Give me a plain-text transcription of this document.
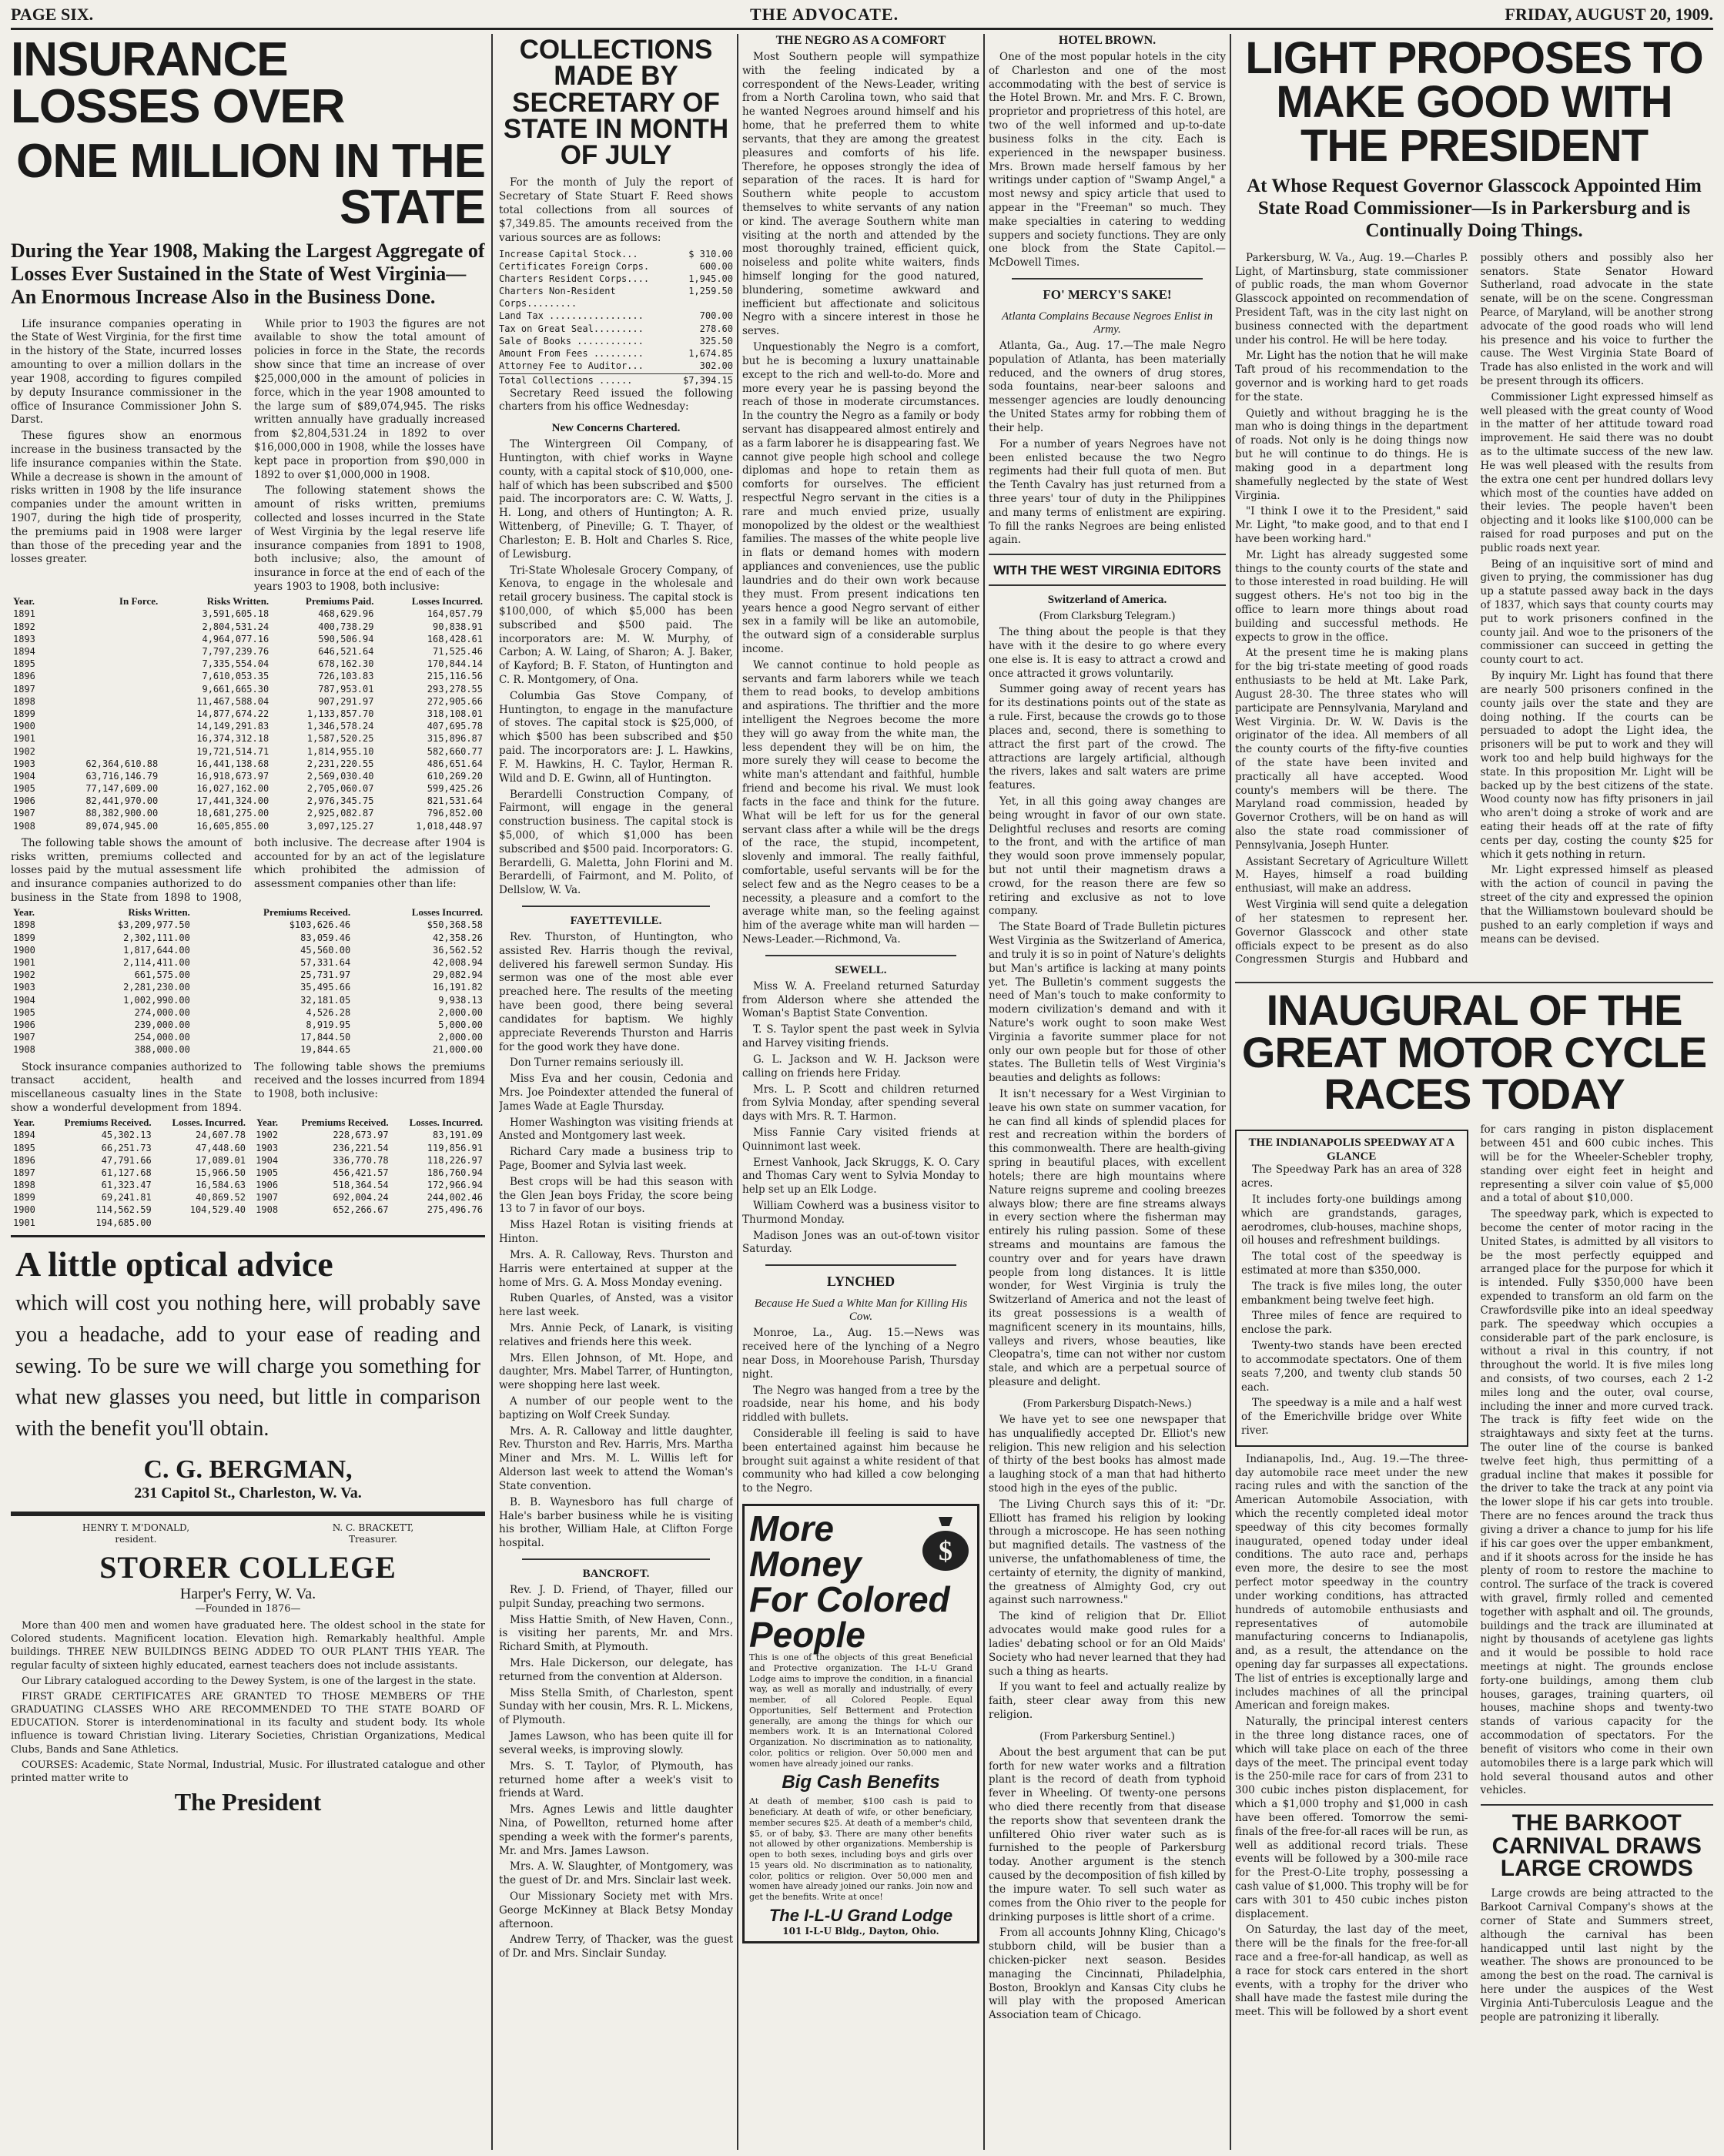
PAGE SIX.	THE ADVOCATE.	FRIDAY, AUGUST 20, 1909.
INSURANCE LOSSES OVER
ONE MILLION IN THE STATE
During the Year 1908, Making the Largest Aggregate of Losses Ever Sustained in the State of West Virginia—An Enormous Increase Also in the Business Done.

Life insurance companies operating in the State of West Virginia, for the first time in the history of the State, incurred losses amounting to over a million dollars in the year 1908, according to figures compiled by deputy Insurance commissioner in the office of Insurance Commissioner John S. Darst.

These figures show an enormous increase in the business transacted by the life insurance companies within the State. While a decrease is shown in the amount of risks written in 1908 by the life insurance companies under the amount written in 1907, during the high tide of prosperity, the premiums paid in 1908 were larger than those of the preceding year and the losses greater.

While prior to 1903 the figures are not available to show the total amount of policies in force in the State, the records show since that time an increase of over $25,000,000 in the amount of policies in force, which in the year 1908 amounted to the large sum of $89,074,945. The risks written annually have gradually increased from $2,804,531.24 in 1892 to over $16,000,000 in 1908, while the losses have kept pace in proportion from $90,000 in 1892 to over $1,000,000 in 1908.

The following statement shows the amount of risks written, premiums collected and losses incurred in the State of West Virginia by the legal reserve life insurance companies from 1891 to 1908, both inclusive; also, the amount of insurance in force at the end of each of the years 1903 to 1908, both inclusive:

Year.	In Force.	Risks Written.	Premiums Paid.	Losses Incurred.
1891		3,591,605.18	468,629.96	164,057.79
1892		2,804,531.24	400,738.29	90,838.91
1893		4,964,077.16	590,506.94	168,428.61
1894		7,797,239.76	646,521.64	71,525.46
1895		7,335,554.04	678,162.30	170,844.14
1896		7,610,053.35	726,103.83	215,116.56
1897		9,661,665.30	787,953.01	293,278.55
1898		11,467,588.04	907,291.97	272,905.66
1899		14,877,674.22	1,133,857.70	318,108.01
1900		14,149,291.83	1,346,578.24	407,695.78
1901		16,374,312.18	1,587,520.25	315,896.87
1902		19,721,514.71	1,814,955.10	582,660.77
1903	62,364,610.88	16,441,138.68	2,231,220.55	486,651.64
1904	63,716,146.79	16,918,673.97	2,569,030.40	610,269.20
1905	77,147,609.00	16,027,162.00	2,705,060.07	599,425.26
1906	82,441,970.00	17,441,324.00	2,976,345.75	821,531.64
1907	88,382,900.00	18,681,275.00	2,925,082.87	796,852.00
1908	89,074,945.00	16,605,855.00	3,097,125.27	1,018,448.97

The following table shows the amount of risks written, premiums collected and losses paid by the mutual assessment life and insurance companies authorized to do business in the State from 1898 to 1908, both inclusive. The decrease after 1904 is accounted for by an act of the legislature which prohibited the admission of assessment companies other than life:

Year.	Risks Written.	Premiums Received.	Losses Incurred.
1898	$3,209,977.50	$103,626.46	$50,368.58
1899	2,302,111.00	83,059.46	42,358.26
1900	1,817,644.00	45,560.00	36,562.52
1901	2,114,411.00	57,331.64	42,008.94
1902	661,575.00	25,731.97	29,082.94
1903	2,281,230.00	35,495.66	16,191.82
1904	1,002,990.00	32,181.05	9,938.13
1905	274,000.00	4,526.28	2,000.00
1906	239,000.00	8,919.95	5,000.00
1907	254,000.00	17,844.50	2,000.00
1908	388,000.00	19,844.65	21,000.00

Stock insurance companies authorized to transact accident, health and miscellaneous casualty lines in the State show a wonderful development from 1894. The following table shows the premiums received and the losses incurred from 1894 to 1908, both inclusive:

Year.	Premiums Received.	Losses. Incurred.	Year.	Premiums Received.	Losses. Incurred.
1894	45,302.13	24,607.78	1902	228,673.97	83,191.09
1895	66,251.73	47,448.60	1903	236,221.54	119,856.91
1896	47,791.66	17,089.01	1904	336,770.78	118,226.97
1897	61,127.68	15,966.50	1905	456,421.57	186,760.94
1898	61,323.47	16,584.63	1906	518,364.54	172,966.94
1899	69,241.81	40,869.52	1907	692,004.24	244,002.46
1900	114,562.59	104,529.40	1908	652,266.67	275,496.76
1901	194,685.00				
A little optical advice
which will cost you nothing here, will probably save you a headache, add to your ease of reading and sewing. To be sure we will charge you something for what new glasses you need, but little in comparison with the benefit you'll obtain.
C. G. BERGMAN,
231 Capitol St., Charleston, W. Va.
HENRY T. M'DONALD,
resident.
N. C. BRACKETT,
Treasurer.
STORER COLLEGE
Harper's Ferry, W. Va.
—Founded in 1876—

More than 400 men and women have graduated here. The oldest school in the state for Colored students. Magnificent location. Elevation high. Remarkably healthful. Ample buildings. THREE NEW BUILDINGS BEING ADDED TO OUR PLANT THIS YEAR. The regular faculty of sixteen highly educated, earnest teachers does not include assistants.

Our Library catalogued according to the Dewey System, is one of the largest in the state.

FIRST GRADE CERTIFICATES ARE GRANTED TO THOSE MEMBERS OF THE GRADUATING CLASSES WHO ARE RECOMMENDED TO THE STATE BOARD OF EDUCATION. Storer is interdenominational in its faculty and student body. Its whole influence is toward Christian living. Literary Societies, Christian Organizations, Medical Clubs, Bands and Sane Athletics.

COURSES: Academic, State Normal, Industrial, Music. For illustrated catalogue and other printed matter write to

The President
COLLECTIONS MADE BY SECRETARY OF STATE IN MONTH OF JULY

For the month of July the report of Secretary of State Stuart F. Reed shows total collections from all sources of $7,349.85. The amounts received from the various sources are as follows:

Increase Capital Stock...	$ 310.00
Certificates Foreign Corps.	600.00
Charters Resident Corps....	1,945.00
Charters Non-Resident Corps.........
1,259.50
Land Tax .................	700.00
Tax on Great Seal.........	278.60
Sale of Books ............	325.50
Amount From Fees .........	1,674.85
Attorney Fee to Auditor...	302.00
Total Collections ......	$7,394.15

Secretary Reed issued the following charters from his office Wednesday:

New Concerns Chartered.

The Wintergreen Oil Company, of Huntington, with chief works in Wayne county, with a capital stock of $10,000, one-half of which has been subscribed and $500 paid. The incorporators are: C. W. Watts, J. H. Long, and others of Huntington; A. R. Wittenberg, of Pineville; G. T. Thayer, of Charleston; E. B. Holt and Charles S. Rice, of Lewisburg.

Tri-State Wholesale Grocery Company, of Kenova, to engage in the wholesale and retail grocery business. The capital stock is $100,000, of which $5,000 has been subscribed and $500 paid. The incorporators are: M. W. Murphy, of Carbon; A. W. Laing, of Sharon; A. J. Baker, of Kayford; B. F. Staton, of Huntington and C. R. Montgomery, of Ona.

Columbia Gas Stove Company, of Huntington, to engage in the manufacture of stoves. The capital stock is $25,000, of which $500 has been subscribed and $50 paid. The incorporators are: J. L. Hawkins, F. M. Hawkins, H. C. Taylor, Herman R. Wild and D. E. Gwinn, all of Huntington.

Berardelli Construction Company, of Fairmont, will engage in the general construction business. The capital stock is $5,000, of which $1,000 has been subscribed and $500 paid. Incorporators: G. Berardelli, G. Maletta, John Florini and M. Berardelli, of Fairmont, and M. Polito, of Dellslow, W. Va.

FAYETTEVILLE.

Rev. Thurston, of Huntington, who assisted Rev. Harris though the revival, delivered his farewell sermon Sunday. His sermon was one of the most able ever preached here. The results of the meeting have been good, there being several candidates for baptism. We highly appreciate Reverends Thurston and Harris for the good work they have done.

Don Turner remains seriously ill.

Miss Eva and her cousin, Cedonia and Mrs. Joe Poindexter attended the funeral of James Wade at Eagle Thursday.

Homer Washington was visiting friends at Ansted and Montgomery last week.

Richard Cary made a business trip to Page, Boomer and Sylvia last week.

Best crops will be had this season with the Glen Jean boys Friday, the score being 13 to 7 in favor of our boys.

Miss Hazel Rotan is visiting friends at Hinton.

Mrs. A. R. Calloway, Revs. Thurston and Harris were entertained at supper at the home of Mrs. G. A. Moss Monday evening.

Ruben Quarles, of Ansted, was a visitor here last week.

Mrs. Annie Peck, of Lanark, is visiting relatives and friends here this week.

Mrs. Ellen Johnson, of Mt. Hope, and daughter, Mrs. Mabel Tarrer, of Huntington, were shopping here last week.

A number of our people went to the baptizing on Wolf Creek Sunday.

Mrs. A. R. Calloway and little daughter, Rev. Thurston and Rev. Harris, Mrs. Martha Miner and Mrs. M. L. Willis left for Alderson last week to attend the Woman's State convention.

B. B. Waynesboro has full charge of Hale's barber business while he is visiting his brother, William Hale, at Clifton Forge hospital.

BANCROFT.

Rev. J. D. Friend, of Thayer, filled our pulpit Sunday, preaching two sermons.

Miss Hattie Smith, of New Haven, Conn., is visiting her parents, Mr. and Mrs. Richard Smith, at Plymouth.

Mrs. Hale Dickerson, our delegate, has returned from the convention at Alderson.

Miss Stella Smith, of Charleston, spent Sunday with her cousin, Mrs. R. L. Mickens, of Plymouth.

James Lawson, who has been quite ill for several weeks, is improving slowly.

Mrs. S. T. Taylor, of Plymouth, has returned home after a week's visit to friends at Ward.

Mrs. Agnes Lewis and little daughter Nina, of Powellton, returned home after spending a week with the former's parents, Mr. and Mrs. James Lawson.

Mrs. A. W. Slaughter, of Montgomery, was the guest of Dr. and Mrs. Sinclair last week.

Our Missionary Society met with Mrs. George McKinney at Black Betsy Monday afternoon.

Andrew Terry, of Thacker, was the guest of Dr. and Mrs. Sinclair Sunday.

THE NEGRO AS A COMFORT

Most Southern people will sympathize with the feeling indicated by a correspondent of the News-Leader, writing from a North Carolina town, who said that he wanted Negroes around himself and his home, that he preferred them to white servants, that they are among the greatest pleasures and comforts of his life. Therefore, he opposes strongly the idea of separation of the races. It is hard for Southern white people to accustom themselves to white servants of any nation or kind. The average Southern white man visiting at the north and attended by the most thoroughly trained, efficient quick, noiseless and polite white waiters, finds himself longing for the good natured, blundering, sometime awkward and inefficient but affectionate and solicitous Negro with a sincere interest in those he serves.

Unquestionably the Negro is a comfort, but he is becoming a luxury unattainable except to the rich and well-to-do. More and more every year he is passing beyond the reach of those in moderate circumstances. In the country the Negro as a family or body servant has disappeared almost entirely and as a farm laborer he is disappearing fast. We cannot give people high school and college diplomas and hope to retain them as comforts for ourselves. The efficient respectful Negro servant in the cities is a rare and much envied prize, usually monopolized by the oldest or the wealthiest families. The masses of the white people live in flats or demand homes with modern appliances and conveniences, use the public laundries and do their own work because they must. From present indications ten years hence a good Negro servant of either sex in a family will be like an automobile, the outward sign of a considerable surplus income.

We cannot continue to hold people as servants and farm laborers while we teach them to read books, to develop ambitions and aspirations. The thriftier and the more intelligent the Negroes become the more they will go away from the white man, the less dependent they will be on him, the more surely they will cease to become the white man's attendant and faithful, humble friend and become his rival. We must look facts in the face and think for the future. What will be left for us for the general servant class after a while will be the dregs of the race, the stupid, incompetent, slovenly and immoral. The really faithful, comfortable, useful servants will be for the select few and as the Negro ceases to be a necessity, a pleasure and a comfort to the average white man, so the feeling against him of the average white man will harden —News-Leader.—Richmond, Va.

SEWELL.

Miss W. A. Freeland returned Saturday from Alderson where she attended the Woman's Baptist State Convention.

T. S. Taylor spent the past week in Sylvia and Harvey visiting friends.

G. L. Jackson and W. H. Jackson were calling on friends here Friday.

Mrs. L. P. Scott and children returned from Sylvia Monday, after spending several days with Mrs. R. T. Harmon.

Miss Fannie Cary visited friends at Quinnimont last week.

Ernest Vanhook, Jack Skruggs, K. O. Cary and Thomas Cary went to Sylvia Monday to help set up an Elk Lodge.

William Cowherd was a business visitor to Thurmond Monday.

Madison Jones was an out-of-town visitor Saturday.

LYNCHED
Because He Sued a White Man for Killing His Cow.

Monroe, La., Aug. 15.—News was received here of the lynching of a Negro near Doss, in Moorehouse Parish, Thursday night.

The Negro was hanged from a tree by the roadside, near his home, and his body riddled with bullets.

Considerable ill feeling is said to have been entertained against him because he brought suit against a white resident of that community who had killed a cow belonging to the Negro.

$
More Money For Colored People

This is one of the objects of this great Beneficial and Protective organization. The I-L-U Grand Lodge aims to improve the condition, in a financial way, as well as morally and industrially, of every member, of all Colored People. Equal Opportunities, Self Betterment and Protection generally, are among the things for which our members work. It is an International Colored Organization. No discrimination as to nationality, color, politics or religion. Over 50,000 men and women have already joined our ranks.

Big Cash Benefits

At death of member, $100 cash is paid to beneficiary. At death of wife, or other beneficiary, member secures $25. At death of a member's child, $5, or of baby, $3. There are many other benefits not allowed by other organizations. Membership is open to both sexes, including boys and girls over 15 years old. No discrimination as to nationality, color, politics or religion. Over 50,000 men and women have already joined our ranks. Join now and get the benefits. Write at once!

The I-L-U Grand Lodge
101 I-L-U Bldg., Dayton, Ohio.
HOTEL BROWN.

One of the most popular hotels in the city of Charleston and one of the most accommodating with the best of service is the Hotel Brown. Mr. and Mrs. F. C. Brown, proprietor and proprietress of this hotel, are two of the well informed and up-to-date business folks in the city. Each is experienced in the newspaper business. Mrs. Brown made herself famous by her writings under caption of "Swamp Angel," a most newsy and spicy article that used to appear in the "Freeman" so much. They make specialties in catering to wedding suppers and society functions. They are only one block from the State Capitol.—McDowell Times.

FO' MERCY'S SAKE!
Atlanta Complains Because Negroes Enlist in Army.

Atlanta, Ga., Aug. 17.—The male Negro population of Atlanta, has been materially reduced, and the owners of drug stores, soda fountains, near-beer saloons and messenger agencies are loudly denouncing the United States army for robbing them of their help.

For a number of years Negroes have not been enlisted because the two Negro regiments had their full quota of men. But the Tenth Cavalry has just returned from a three years' tour of duty in the Philippines and many terms of enlistment are expiring. To fill the ranks Negroes are being enlisted again.

WITH THE WEST VIRGINIA EDITORS
Switzerland of America.
(From Clarksburg Telegram.)

The thing about the people is that they have with it the desire to go where every one else is. It is easy to attract a crowd and once attracted it grows voluntarily.

Summer going away of recent years has for its destinations points out of the state as a rule. First, because the crowds go to those places and, second, there is something to attract the first part of the crowd. The attractions are largely artificial, although the rivers, lakes and salt waters are prime features.

Yet, in all this going away changes are being wrought in favor of our own state. Delightful recluses and resorts are coming to the front, and with the artifice of man they would soon prove immensely popular, but not until their magnetism draws a crowd, for the reason there are few so retiring and exclusive as not to love company.

The State Board of Trade Bulletin pictures West Virginia as the Switzerland of America, and truly it is so in point of Nature's delights but Man's artifice is lacking at many points yet. The Bulletin's comment suggests the need of Man's touch to make conformity to modern civilization's demand and with it Nature's work ought to soon make West Virginia a favorite summer place for not only our own people but for those of other states. The Bulletin tells of West Virginia's beauties and delights as follows:

It isn't necessary for a West Virginian to leave his own state on summer vacation, for he can find all kinds of splendid places for rest and recreation within the borders of this commonwealth. There are health-giving spring in beautiful places, with excellent hotels; there are high mountains where Nature reigns supreme and cooling breezes always blow; there are fine streams always in every section where the fisherman may entirely his ruling passion. Some of these streams and mountains are famous the country over and for years have drawn people from long distances. It is little wonder, for West Virginia is truly the Switzerland of America and not the least of its great possessions is a wealth of magnificent scenery in its mountains, hills, valleys and rivers, whose beauties, like Cleopatra's, time can not wither nor custom stale, and which are a perpetual source of pleasure and delight.

(From Parkersburg Dispatch-News.)

We have yet to see one newspaper that has unqualifiedly accepted Dr. Elliot's new religion. This new religion and his selection of thirty of the best books has almost made a laughing stock of a man that had hitherto stood high in the eyes of the public.

The Living Church says this of it: "Dr. Elliott has framed his religion by looking through a microscope. He has seen nothing but magnified details. The vastness of the universe, the unfathomableness of time, the certainty of eternity, the dignity of mankind, the greatness of Almighty God, cry out against such narrowness."

The kind of religion that Dr. Elliot advocates would make good rules for a ladies' debating school or for an Old Maids' Society who had never learned that they had such a thing as hearts.

If you want to feel and actually realize by faith, steer clear away from this new religion.

(From Parkersburg Sentinel.)

About the best argument that can be put forth for new water works and a filtration plant is the record of death from typhoid fever in Wheeling. Of twenty-one persons who died there recently from that disease the reports show that seventeen drank the unfiltered Ohio river water such as is furnished to the people of Parkersburg today. Another argument is the stench caused by the decomposition of fish killed by the impure water. To sell such water as comes from the Ohio river to the people for drinking purposes is little short of a crime.

From all accounts Johnny Kling, Chicago's stubborn child, will be busier than a chicken-picker next season. Besides managing the Cincinnati, Philadelphia, Boston, Brooklyn and Kansas City clubs he will play with the proposed American Association team of Chicago.

LIGHT PROPOSES TO MAKE GOOD WITH THE PRESIDENT
At Whose Request Governor Glasscock Appointed Him State Road Commissioner—Is in Parkersburg and is Continually Doing Things.

Parkersburg, W. Va., Aug. 19.—Charles P. Light, of Martinsburg, state commissioner of public roads, the man whom Governor Glasscock appointed on recommendation of President Taft, was in the city last night on business connected with the department under his control. He will be here today.

Mr. Light has the notion that he will make Taft proud of his recommendation to the governor and is working hard to get roads for the state.

Quietly and without bragging he is the man who is doing things in the department of roads. Not only is he doing things now but he will continue to do things. He is making good in a department long shamefully neglected by the state of West Virginia.

"I think I owe it to the President," said Mr. Light, "to make good, and to that end I have been working hard."

Mr. Light has already suggested some things to the county courts of the state and to those interested in road building. He will suggest others. He's not too big in the office to learn more things about road building and successful methods. He expects to grow in the office.

At the present time he is making plans for the big tri-state meeting of good roads enthusiasts to be held at Mt. Lake Park, August 28-30. The three states who will participate are Pennsylvania, Maryland and West Virginia. Dr. W. W. Davis is the originator of the idea. All members of all the county courts of the fifty-five counties of the state have been invited and practically all have accepted. Wood county's members will be there. The Maryland road commission, headed by Governor Crothers, will be on hand as will also the state road commissioner of Pennsylvania, Joseph Hunter.

Assistant Secretary of Agriculture Willett M. Hayes, himself a road building enthusiast, will make an address.

West Virginia will send quite a delegation of her statesmen to represent her. Governor Glasscock and other state officials expect to be present as do also Congressmen Sturgis and Hubbard and possibly others and possibly also her senators. State Senator Howard Sutherland, road advocate in the state senate, will be on the scene. Congressman Pearce, of Maryland, will be another strong advocate of the good roads who will lend his presence and his voice to further the cause. The West Virginia State Board of Trade has also enlisted in the work and will be present through its officers.

Commissioner Light expressed himself as well pleased with the great county of Wood in the matter of her attitude toward road improvement. He said there was no doubt as to the ultimate success of the new law. He was well pleased with the results from the extra one cent per hundred dollars levy which most of the counties have added on their levies. The people haven't been objecting and it looks like $100,000 can be raised for road purposes and put on the public roads next year.

Being of an inquisitive sort of mind and given to prying, the commissioner has dug up a statute passed away back in the days of 1837, which says that county courts may put to work prisoners confined in the county jail. And woe to the prisoners of the commissioner can succeed in getting the county court to act.

By inquiry Mr. Light has found that there are nearly 500 prisoners confined in the county jails over the state and they are doing nothing. If the courts can be persuaded to adopt the Light idea, the prisoners will be put to work and they will work too and help build highways for the state. In this proposition Mr. Light will be backed up by the best citizens of the state. Wood county now has fifty prisoners in jail who aren't doing a stroke of work and are eating their heads off at the rate of fifty cents per day, costing the county $25 for which it gets nothing in return.

Mr. Light expressed himself as pleased with the action of council in paving the street of the city and expressed the opinion that the Williamstown boulevard should be pushed to an early completion if ways and means can be devised.

INAUGURAL OF THE GREAT MOTOR CYCLE RACES TODAY
THE INDIANAPOLIS SPEEDWAY AT A GLANCE

The Speedway Park has an area of 328 acres.

It includes forty-one buildings among which are grandstands, garages, aerodromes, club-houses, machine shops, oil houses and refreshment buildings.

The total cost of the speedway is estimated at more than $350,000.

The track is five miles long, the outer embankment being twelve feet high.

Three miles of fence are required to enclose the park.

Twenty-two stands have been erected to accommodate spectators. One of them seats 7,200, and twenty club stands 50 each.

The speedway is a mile and a half west of the Emerichville bridge over White river.

Indianapolis, Ind., Aug. 19.—The three-day automobile race meet under the new racing rules and with the sanction of the American Automobile Association, with which the recently completed ideal motor speedway of this city becomes formally inaugurated, opened today under ideal conditions. The auto race and, perhaps even more, the desire to see the most perfect motor speedway in the country under working conditions, has attracted hundreds of automobile enthusiasts and representatives of automobile manufacturing concerns to Indianapolis, and, as a result, the attendance on the opening day far surpasses all expectations. The list of entries is exceptionally large and includes machines of all the principal American and foreign makes.

Naturally, the principal interest centers in the three long distance races, one of which will take place on each of the three days of the meet. The principal event today is the 250-mile race for cars of from 231 to 300 cubic inches piston displacement, for which a $1,000 trophy and $1,000 in cash have been offered. Tomorrow the semi-finals of the free-for-all races will be run, as well as additional record trials. These events will be followed by a 300-mile race for the Prest-O-Lite trophy, possessing a cash value of $1,000. This trophy will be for cars with 301 to 450 cubic inches piston displacement.

On Saturday, the last day of the meet, there will be the finals for the free-for-all race and a free-for-all handicap, as well as a race for stock cars entered in the short events, with a trophy for the driver who shall have made the fastest mile during the meet. This will be followed by a short event for cars ranging in piston displacement between 451 and 600 cubic inches. This will be for the Wheeler-Schebler trophy, standing over eight feet in height and representing a silver coin value of $5,000 and a total of about $10,000.

The speedway park, which is expected to become the center of motor racing in the United States, is admitted by all visitors to be the most perfectly equipped and arranged place for the purpose for which it is intended. Fully $350,000 have been expended to transform an old farm on the Crawfordsville pike into an ideal speedway park. The speedway which occupies a considerable part of the park enclosure, is without a rival in this country, if not throughout the world. It is five miles long and consists, of two courses, each 2 1-2 miles long and the outer, oval course, including the inner and more curved track. The track is fifty feet wide on the straightaways and sixty feet at the turns. The outer line of the course is banked twelve feet high, thus permitting of a gradual incline that makes it possible for the driver to take the track at any point via the lower slope if his car gets into trouble. There are no fences around the track thus giving a driver a chance to jump for his life if his car goes over the upper embankment, and if it shoots across for the inside he has plenty of room to restore the machine to control. The surface of the track is covered with gravel, firmly rolled and cemented together with asphalt and oil. The grounds, buildings and the track are illuminated at night by thousands of acetylene gas lights and it would be possible to hold race meetings at night. The grounds enclose forty-one buildings, among them club houses, garages, training quarters, oil houses, machine shops and twenty-two stands of various capacity for the accommodation of spectators. For the benefit of visitors who come in their own automobiles there is a large park which will hold several thousand autos and other vehicles.

THE BARKOOT CARNIVAL DRAWS LARGE CROWDS

Large crowds are being attracted to the Barkoot Carnival Company's shows at the corner of State and Summers street, although the carnival has been handicapped until last night by the weather. The shows are pronounced to be among the best on the road. The carnival is here under the auspices of the West Virginia Anti-Tuberculosis League and the people are patronizing it liberally.
